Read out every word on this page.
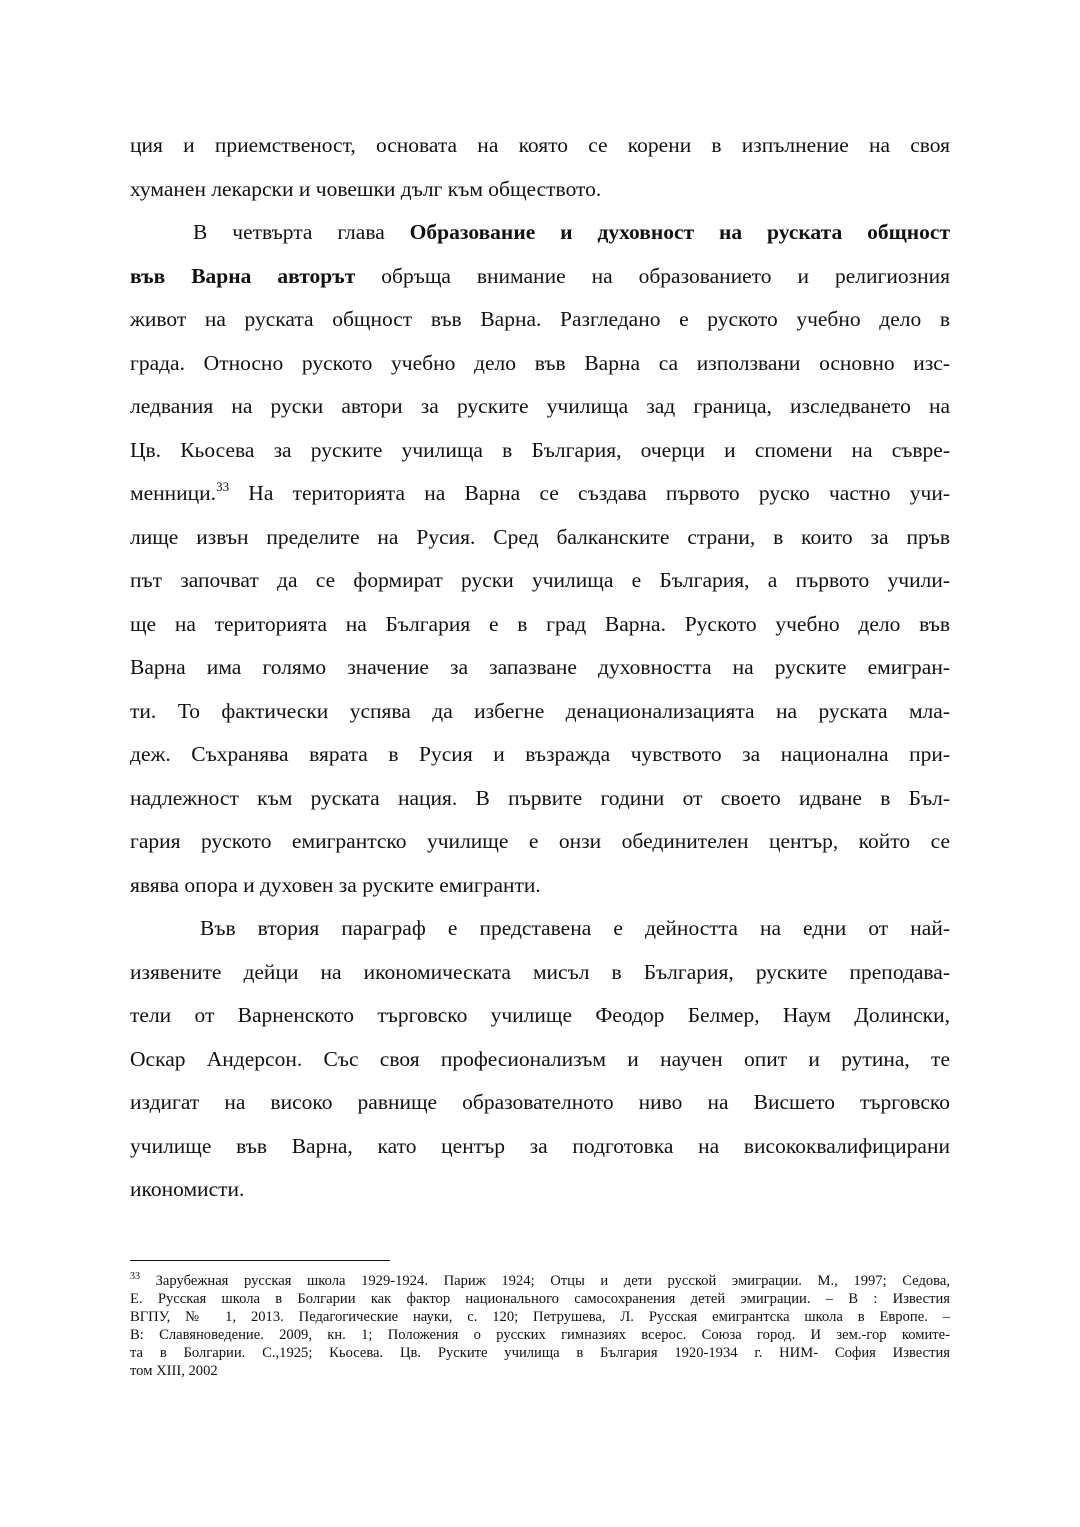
ция и приемственост, основата на която се корени в изпълнение на своя
хуманен лекарски и човешки дълг към обществото.
В четвърта глава Образование и духовност на руската общност
във Варна авторът обръща внимание на образованието и религиозния
живот на руската общност във Варна. Разгледано е руското учебно дело в
града. Относно руското учебно дело във Варна са използвани основно изс-
ледвания на руски автори за руските училища зад граница, изследването на
Цв. Кьосева за руските училища в България, очерци и спомени на съвре-
менници.$^{33}$ На територията на Варна се създава първото руско частно учи-
лище извън пределите на Русия. Сред балканските страни, в които за пръв
път започват да се формират руски училища е България, а първото учили-
ще на територията на България е в град Варна. Руското учебно дело във
Варна има голямо значение за запазване духовността на руските емигран-
ти. То фактически успява да избегне денационализацията на руската мла-
деж. Съхранява вярата в Русия и възражда чувството за национална при-
надлежност към руската нация. В първите години от своето идване в Бъл-
гария руското емигрантско училище е онзи обединителен център, който се
явява опора и духовен за руските емигранти.
Във втория параграф е представена е дейността на едни от най-
изявените дейци на икономическата мисъл в България, руските преподава-
тели от Варненското търговско училище Феодор Белмер, Наум Долински,
Оскар Андерсон. Със своя професионализъм и научен опит и рутина, те
издигат на високо равнище образователното ниво на Висшето търговско
училище във Варна, като център за подготовка на висококвалифицирани
икономисти.
$^{33}$ Зарубежная русская школа 1929-1924. Париж 1924; Отцы и дети русской эмиграции. М., 1997; Седова,
Е. Русская школа в Болгарии как фактор национального самосохранения детей эмиграции. – В : Известия
ВГПУ, № 1, 2013. Педагогические науки, с. 120; Петрушева, Л. Русская емигрантска школа в Европе. –
В: Славяноведение. 2009, кн. 1; Положения о русских гимназиях всерос. Союза город. И зем.-гор комите-
та в Болгарии. С.,1925; Кьосева. Цв. Руските училища в България 1920-1934 г. НИМ- София Известия
том XIII, 2002
